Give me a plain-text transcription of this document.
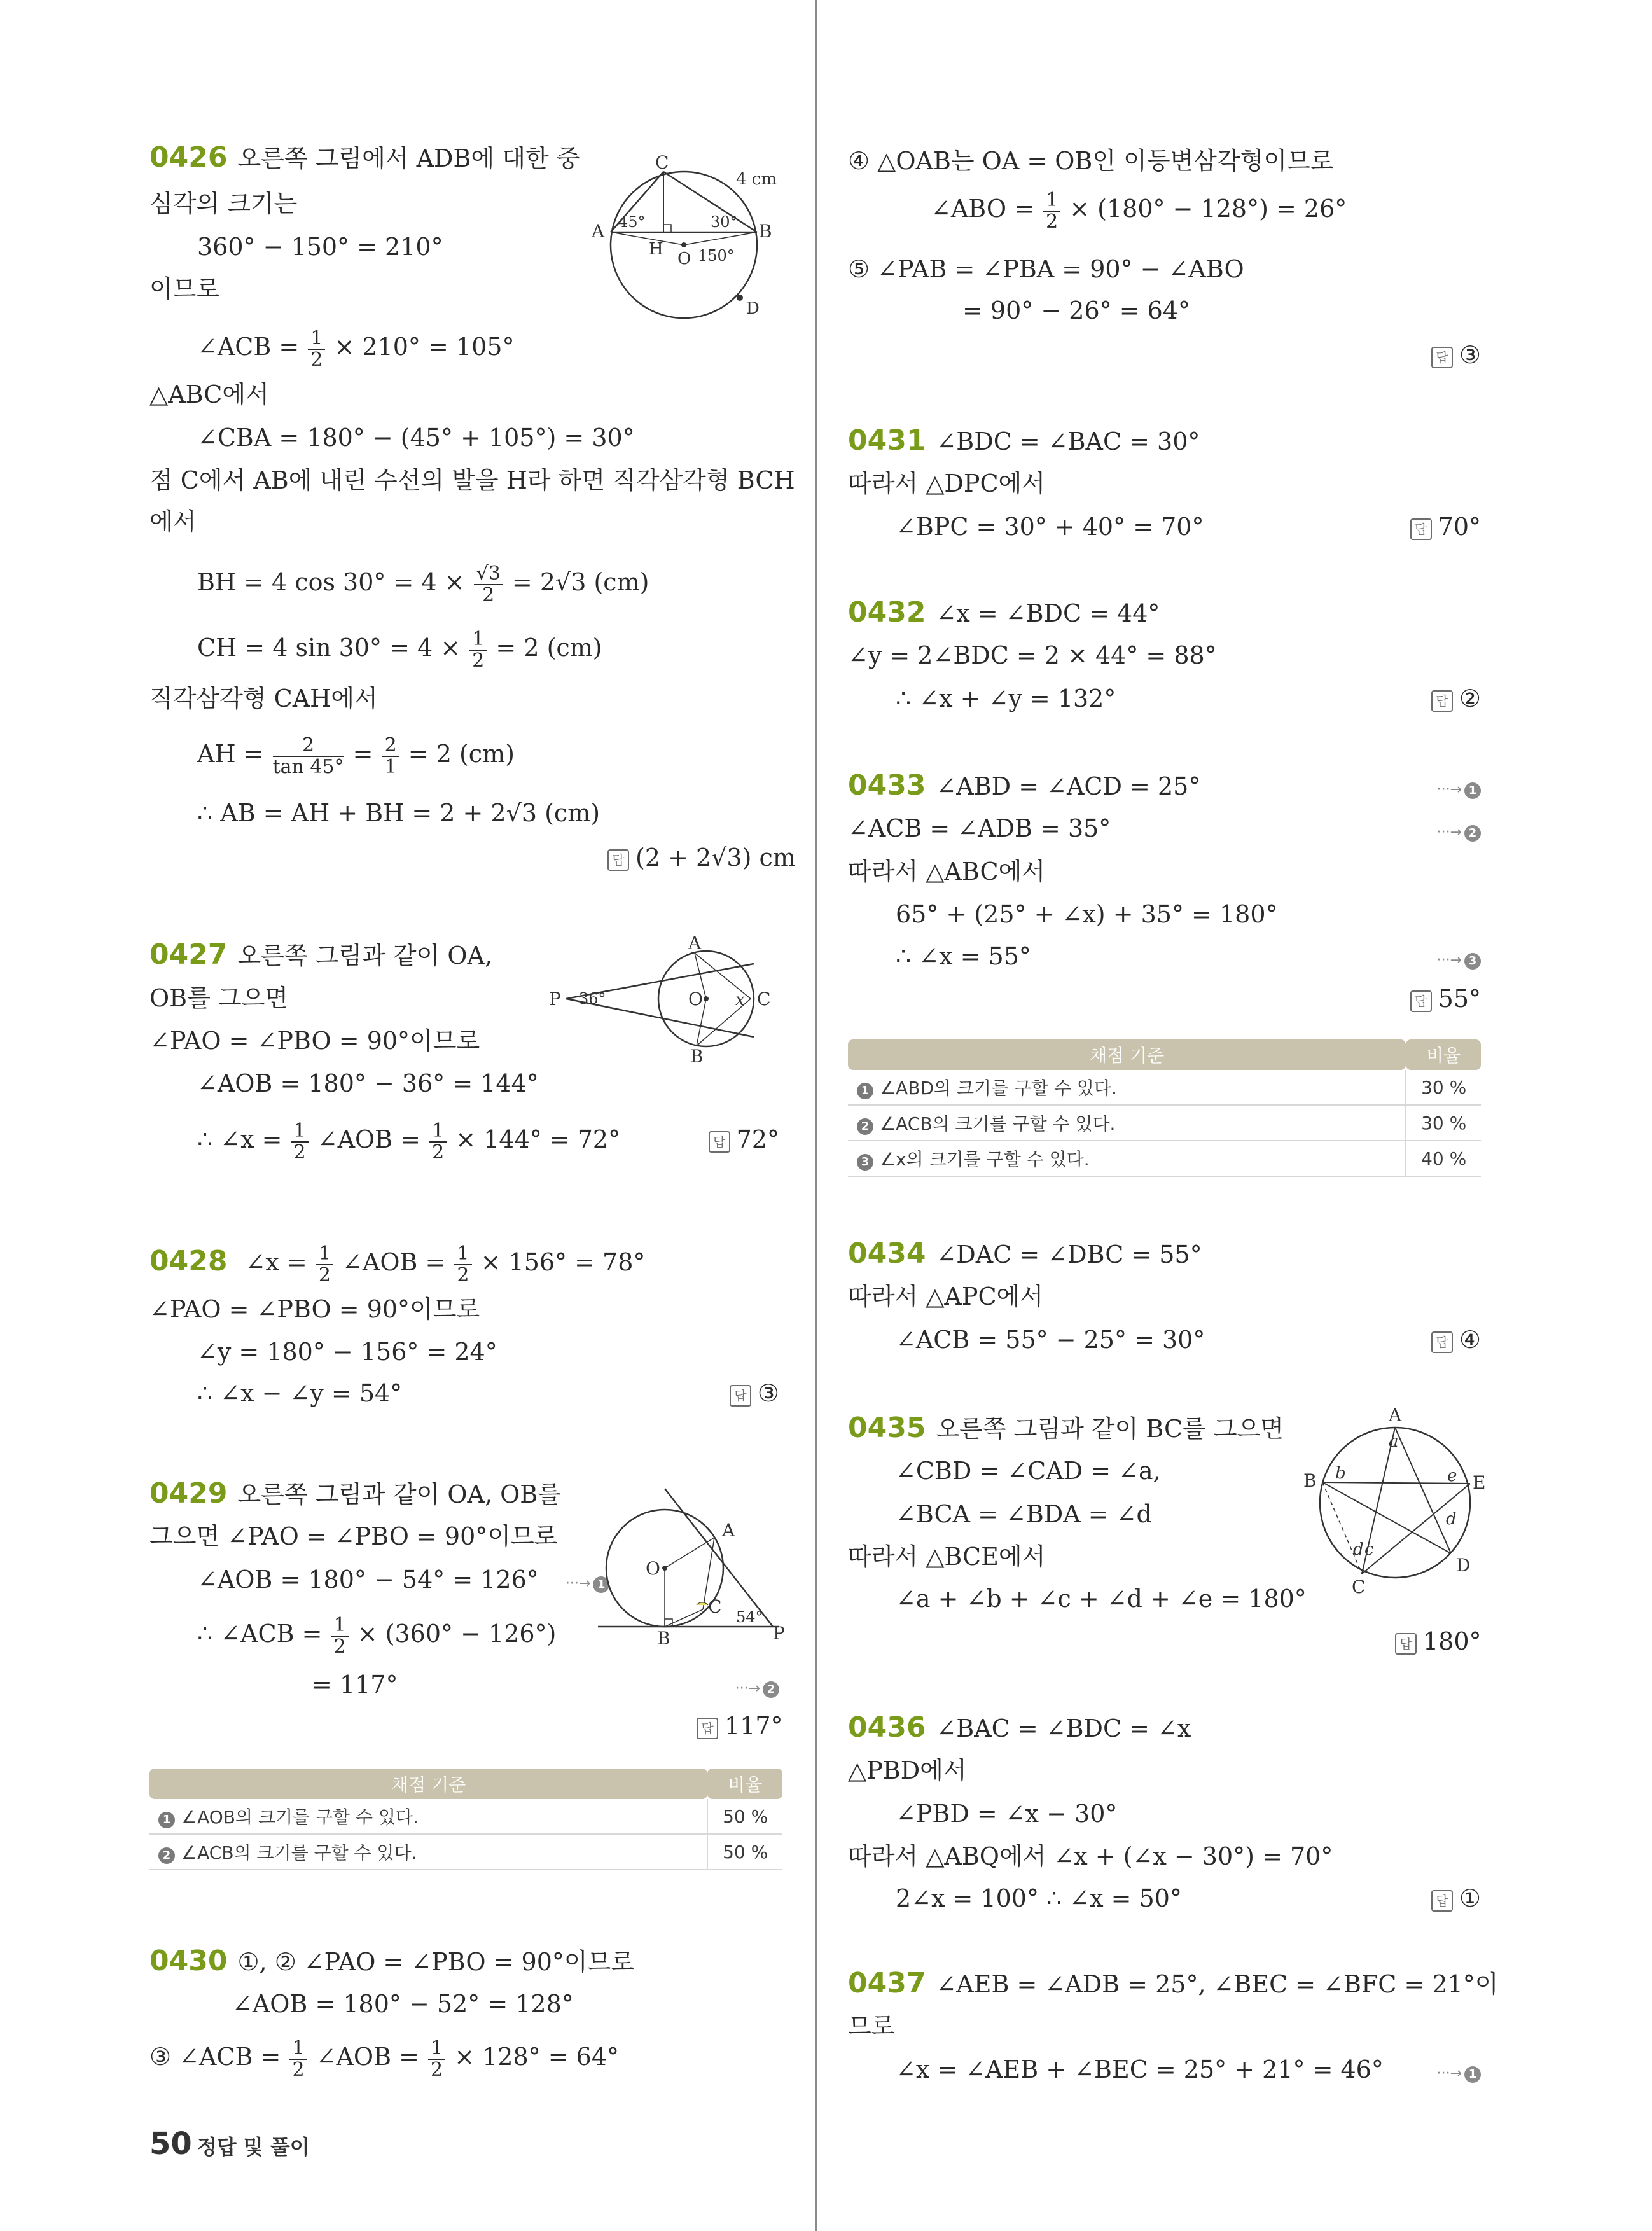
0426 오른쪽 그림에서 ADB에 대한 중
심각의 크기는
360° − 150° = 210°
이므로
∠ACB = $\frac{1}{2} \times 210^\circ = 105^\circ$
△ABC에서
∠CBA = 180° − (45° + 105°) = 30°
점 C에서 AB에 내린 수선의 발을 H라 하면 직각삼각형 BCH
에서
BH = 4 $\cos 30^\circ = 4 \times \frac{√3}{2} = 2√3$ (cm)
CH = 4 $\sin 30^\circ = 4 \times \frac{1}{2} = 2$ (cm)
직각삼각형 CAH에서
AH = $\frac{2}{\tan 45^\circ} = \frac{2}{1} = 2$ (cm)
∴ AB = AH + BH = 2 + 2√3 (cm)
답 (2 + 2√3) cm
C
A	B
H O
D
4 cm
45°	30°
150°
0427 오른쪽 그림과 같이 OA,
OB를 그으면
∠PAO = ∠PBO = 90°이므로
∠AOB = 180° − 36° = 144°
∴ ∠x = $\frac{1}{2}$ ∠AOB = $\frac{1}{2} \times 144^\circ = 72^\circ$	답 72°
P
A
B
O	C
x
36°
0428 ∠x = $\frac{1}{2}$ ∠AOB = $\frac{1}{2} \times 156^\circ = 78^\circ$
∠PAO = ∠PBO = 90°이므로
∠y = 180° − 156° = 24°
∴ ∠x − ∠y = 54°	답 ③
0429 오른쪽 그림과 같이 OA, OB를
그으면 ∠PAO = ∠PBO = 90°이므로
∠AOB = 180° − 54° = 126° ···→ 1
∴ ∠ACB = $\frac{1}{2} \times (360^\circ - 126^\circ)$
= 117°	···→ 2
답 117°
A
O
C
B	P
54°
채점 기준	비율
1 ∠AOB의 크기를 구할 수 있다.	50 %
2 ∠ACB의 크기를 구할 수 있다.	50 %
0430 ①, ② ∠PAO = ∠PBO = 90°이므로
∠AOB = 180° − 52° = 128°
③ ∠ACB = $\frac{1}{2}$ ∠AOB = $\frac{1}{2} \times 128^\circ = 64^\circ$
50 정답 및 풀이
④ △OAB는 OA = OB인 이등변삼각형이므로
∠ABO = $\frac{1}{2} \times (180^\circ - 128^\circ) = 26^\circ$
⑤ ∠PAB = ∠PBA = 90° − ∠ABO
= 90° − 26° = 64°
답 ③
0431 ∠BDC = ∠BAC = 30°
따라서 △DPC에서
∠BPC = 30° + 40° = 70°	답 70°
0432 ∠x = ∠BDC = 44°
∠y = 2∠BDC = 2 × 44° = 88°
∴ ∠x + ∠y = 132°	답 ②
0433 ∠ABD = ∠ACD = 25°	···→ 1
∠ACB = ∠ADB = 35°	···→ 2
따라서 △ABC에서
65° + (25° + ∠x) + 35° = 180°
∴ ∠x = 55°	···→ 3
답 55°
채점 기준	비율
1 ∠ABD의 크기를 구할 수 있다.	30 %
2 ∠ACB의 크기를 구할 수 있다.	30 %
3 ∠x의 크기를 구할 수 있다.	40 %
0434 ∠DAC = ∠DBC = 55°
따라서 △APC에서
∠ACB = 55° − 25° = 30°	답 ④
0435 오른쪽 그림과 같이 BC를 그으면
∠CBD = ∠CAD = ∠a,
∠BCA = ∠BDA = ∠d
따라서 △BCE에서
∠a + ∠b + ∠c + ∠d + ∠e = 180°
답 180°
A
B
C
D
E
a
b
c
d
d
e
0436 ∠BAC = ∠BDC = ∠x
△PBD에서
∠PBD = ∠x − 30°
따라서 △ABQ에서 ∠x + (∠x − 30°) = 70°
2∠x = 100° ∴ ∠x = 50°	답 ①
0437 ∠AEB = ∠ADB = 25°, ∠BEC = ∠BFC = 21°이
므로
∠x = ∠AEB + ∠BEC = 25° + 21° = 46°	···→ 1
